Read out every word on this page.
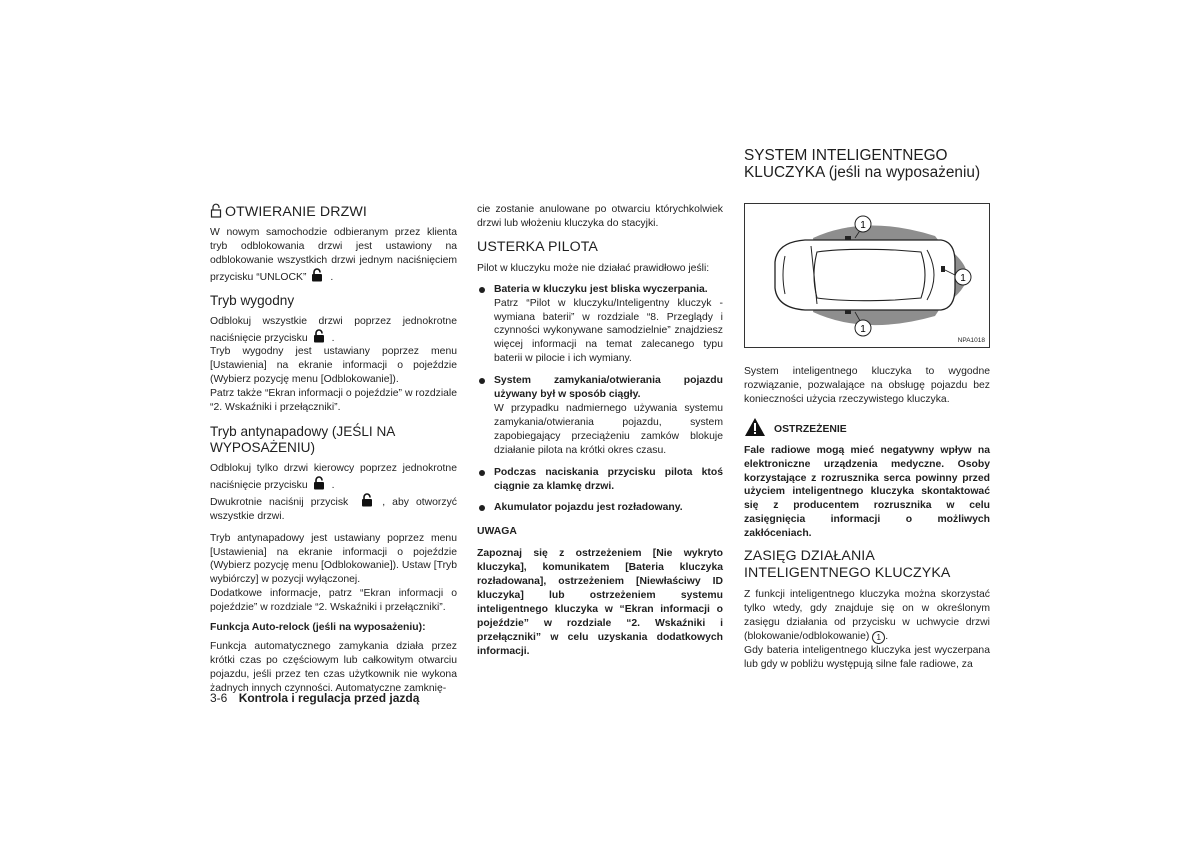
SYSTEM INTELIGENTNEGO
KLUCZYKA (jeśli na wyposażeniu)
OTWIERANIE DRZWI

W nowym samochodzie odbieranym przez klienta tryb odblokowania drzwi jest ustawiony na odblokowanie wszystkich drzwi jednym naciśnięciem przycisku “UNLOCK” .

Tryb wygodny

Odblokuj wszystkie drzwi poprzez jednokrotne naciśnięcie przycisku .

Tryb wygodny jest ustawiany poprzez menu [Ustawienia] na ekranie informacji o pojeździe (Wybierz pozycję menu [Odblokowanie]).

Patrz także “Ekran informacji o pojeździe” w rozdziale “2. Wskaźniki i przełączniki”.

Tryb antynapadowy (JEŚLI NA WYPOSAŻENIU)

Odblokuj tylko drzwi kierowcy poprzez jednokrotne naciśnięcie przycisku .

Dwukrotnie naciśnij przycisk	, aby otworzyć wszystkie drzwi.

Tryb antynapadowy jest ustawiany poprzez menu [Ustawienia] na ekranie informacji o pojeździe (Wybierz pozycję menu [Odblokowanie]). Ustaw [Tryb wybiórczy] w pozycji wyłączonej.

Dodatkowe informacje, patrz “Ekran informacji o pojeździe” w rozdziale “2. Wskaźniki i przełączniki”.

Funkcja Auto-relock (jeśli na wyposażeniu):

Funkcja automatycznego zamykania działa przez krótki czas po częściowym lub całkowitym otwarciu pojazdu, jeśli przez ten czas użytkownik nie wykona żadnych innych czynności. Automatyczne zamknię-

cie zostanie anulowane po otwarciu którychkolwiek drzwi lub włożeniu kluczyka do stacyjki.

USTERKA PILOTA

Pilot w kluczyku może nie działać prawidłowo jeśli:

Bateria w kluczyku jest bliska wyczerpania.

Patrz “Pilot w kluczyku/Inteligentny kluczyk - wymiana baterii” w rozdziale “8. Przeglądy i czynności wykonywane samodzielnie” znajdziesz więcej informacji na temat zalecanego typu baterii w pilocie i ich wymiany.

System zamykania/otwierania pojazdu używany był w sposób ciągły.

W przypadku nadmiernego używania systemu zamykania/otwierania pojazdu, system zapobiegający przeciążeniu zamków blokuje działanie pilota na krótki okres czasu.

Podczas naciskania przycisku pilota ktoś ciągnie za klamkę drzwi.

Akumulator pojazdu jest rozładowany.

UWAGA

Zapoznaj się z ostrzeżeniem [Nie wykryto kluczyka], komunikatem [Bateria kluczyka rozładowana], ostrzeżeniem [Niewłaściwy ID kluczyka] lub ostrzeżeniem systemu inteligentnego kluczyka w “Ekran informacji o pojeździe” w rozdziale “2. Wskaźniki i przełączniki” w celu uzyskania dodatkowych informacji.

1
1
1
NPA1018

System inteligentnego kluczyka to wygodne rozwiązanie, pozwalające na obsługę pojazdu bez konieczności użycia rzeczywistego kluczyka.

OSTRZEŻENIE

Fale radiowe mogą mieć negatywny wpływ na elektroniczne urządzenia medyczne. Osoby korzystające z rozrusznika serca powinny przed użyciem inteligentnego kluczyka skontaktować się z producentem rozrusznika w celu zasięgnięcia informacji o możliwych zakłóceniach.

ZASIĘG DZIAŁANIA INTELIGENTNEGO KLUCZYKA

Z funkcji inteligentnego kluczyka można skorzystać tylko wtedy, gdy znajduje się on w określonym zasięgu działania od przycisku w uchwycie drzwi (blokowanie/odblokowanie) 1 .

Gdy bateria inteligentnego kluczyka jest wyczerpana lub gdy w pobliżu występują silne fale radiowe, za

3-6 Kontrola i regulacja przed jazdą
